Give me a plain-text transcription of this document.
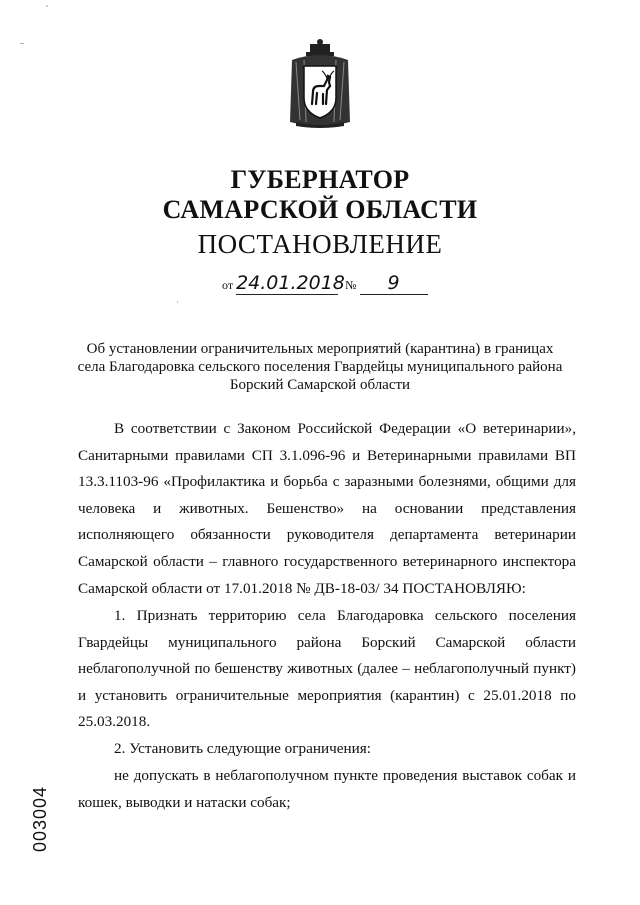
ﾟ
ｰ
ГУБЕРНАТОР
САМАРСКОЙ ОБЛАСТИ
ПОСТАНОВЛЕНИЕ
от 24.01.2018 № 9
·
Об установлении ограничительных мероприятий (карантина) в границах
села Благодаровка сельского поселения Гвардейцы муниципального района
Борский Самарской области
В соответствии с Законом Российской Федерации «О ветеринарии», Санитарными правилами СП 3.1.096-96 и Ветеринарными правилами ВП 13.3.1103-96 «Профилактика и борьба с заразными болезнями, общими для человека и животных. Бешенство» на основании представления исполняющего обязанности руководителя департамента ветеринарии Самарской области – главного государственного ветеринарного инспектора Самарской области от 17.01.2018 № ДВ-18-03/ 34 ПОСТАНОВЛЯЮ:
1. Признать территорию села Благодаровка сельского поселения Гвардейцы муниципального района Борский Самарской области неблагополучной по бешенству животных (далее – неблагополучный пункт) и установить ограничительные мероприятия (карантин) с 25.01.2018 по 25.03.2018.
2. Установить следующие ограничения:
не допускать в неблагополучном пункте проведения выставок собак и кошек, выводки и натаски собак;
003004
